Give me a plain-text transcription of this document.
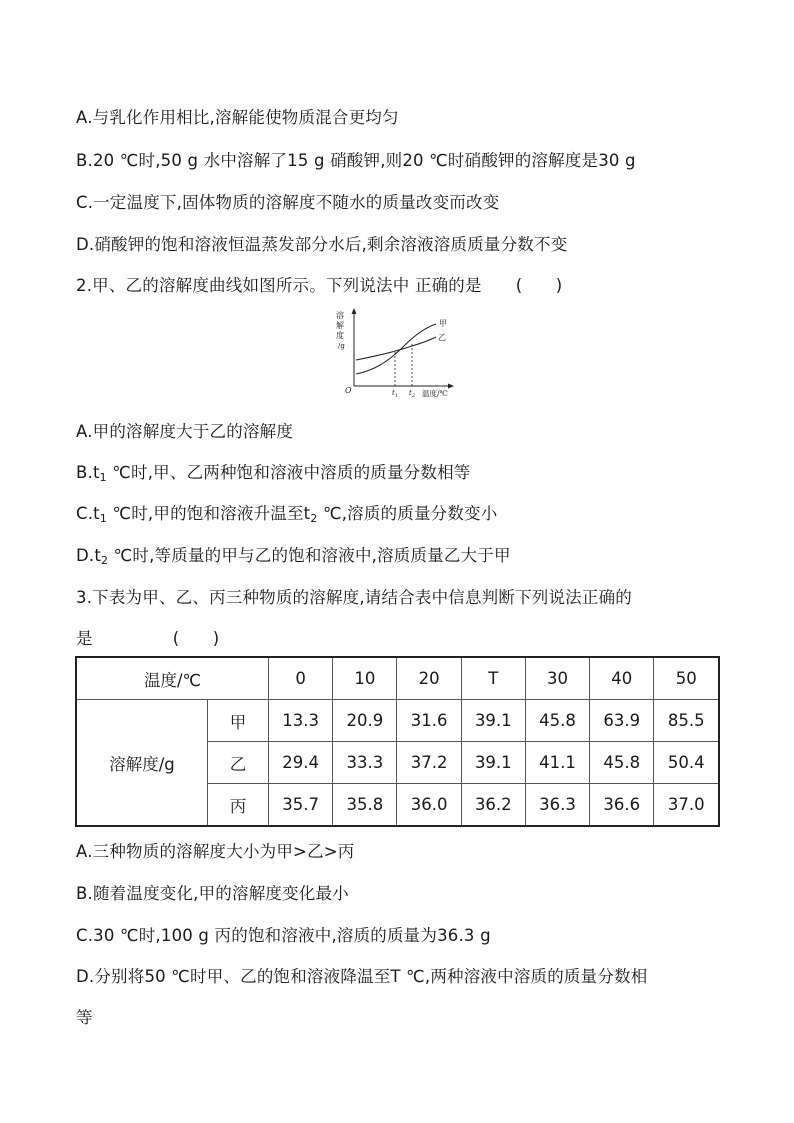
A.与乳化作用相比,溶解能使物质混合更均匀
B.20 ℃时,50 g 水中溶解了15 g 硝酸钾,则20 ℃时硝酸钾的溶解度是30 g
C.一定温度下,固体物质的溶解度不随水的质量改变而改变
D.硝酸钾的饱和溶液恒温蒸发部分水后,剩余溶液溶质质量分数不变
2.甲、乙的溶解度曲线如图所示。下列说法中 正确的是 (　　)
溶
解
度
/g
O	$t_1$ $t_2$ 温度/℃
甲
乙
A.甲的溶解度大于乙的溶解度
$B.t_1$ ℃时,甲、乙两种饱和溶液中溶质的质量分数相等
$C.t_1$ ℃时,甲的饱和溶液升温至$t_2$ ℃,溶质的质量分数变小
$D.t_2$ ℃时,等质量的甲与乙的饱和溶液中,溶质质量乙大于甲
3.下表为甲、乙、丙三种物质的溶解度,请结合表中信息判断下列说法正确的
是	(　　)
温度/℃		0	10	20	T	30	40	50
溶解度/g	甲	13.3	20.9	31.6	39.1	45.8	63.9	85.5
	乙	29.4	33.3	37.2	39.1	41.1	45.8	50.4
	丙	35.7	35.8	36.0	36.2	36.3	36.6	37.0
A.三种物质的溶解度大小为甲>乙>丙
B.随着温度变化,甲的溶解度变化最小
C.30 ℃时,100 g 丙的饱和溶液中,溶质的质量为36.3 g
D.分别将50 ℃时甲、乙的饱和溶液降温至T ℃,两种溶液中溶质的质量分数相
等
